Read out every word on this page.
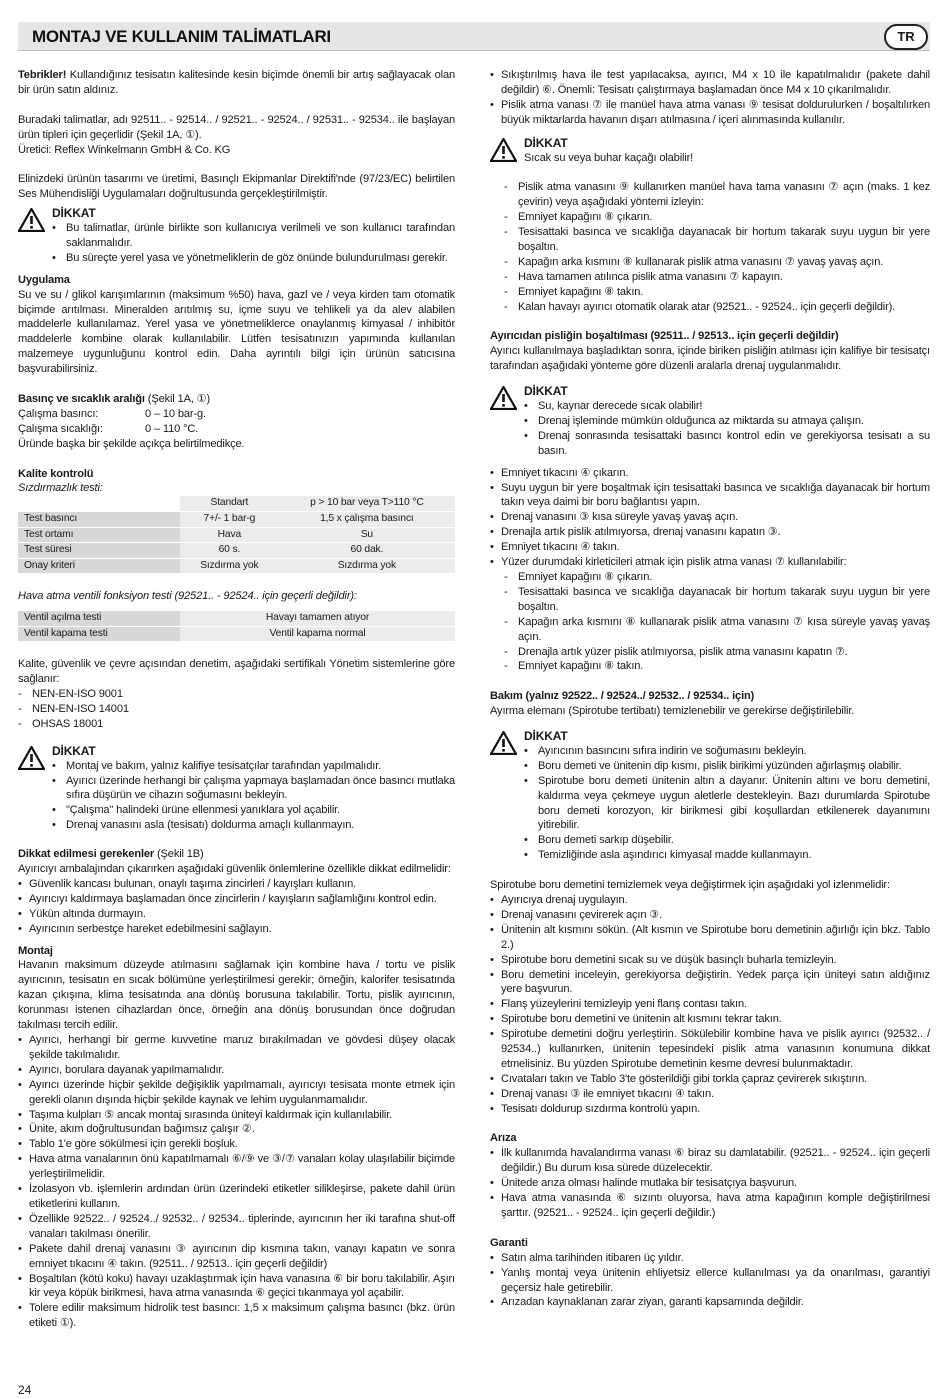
MONTAJ VE KULLANIM TALİMATLARI	TR

Tebrikler! Kullandığınız tesisatın kalitesinde kesin biçimde önemli bir artış sağlayacak olan bir ürün satın aldınız.

Buradaki talimatlar, adı 92511.. - 92514.. / 92521.. - 92524.. / 92531.. - 92534.. ile başlayan ürün tipleri için geçerlidir (Şekil 1A, ①).

Üretici: Reflex Winkelmann GmbH & Co. KG

Elinizdeki ürünün tasarımı ve üretimi, Basınçlı Ekipmanlar Direktifi'nde (97/23/EC) belirtilen Ses Mühendisliği Uygulamaları doğrultusunda gerçekleştirilmiştir.

DİKKAT
• Bu talimatlar, ürünle birlikte son kullanıcıya verilmeli ve son kullanıcı tarafından saklanmalıdır.
• Bu süreçte yerel yasa ve yönetmeliklerin de göz önünde bulundurulması gerekir.

Uygulama

Su ve su / glikol karışımlarının (maksimum %50) hava, gazl ve / veya kirden tam otomatik biçimde arıtılması. Mineralden arıtılmış su, içme suyu ve tehlikeli ya da alev alabilen maddelerle kullanılamaz. Yerel yasa ve yönetmeliklerce onaylanmış kimyasal / inhibitör maddelerle kombine olarak kullanılabilir. Lütfen tesisatınızın yapımında kullanılan malzemeye uygunluğunu kontrol edin. Daha ayrıntılı bilgi için ürünün satıcısına başvurabilirsiniz.

Basınç ve sıcaklık aralığı (Şekil 1A, ①)

Çalışma basıncı:	0 – 10 bar-g.
Çalışma sıcaklığı:	0 – 110 °C.

Üründe başka bir şekilde açıkça belirtilmedikçe.

Kalite kontrolü

Sızdırmazlık testi:

	Standart	p > 10 bar veya T>110 °C
Test basıncı	7+/- 1 bar-g	1,5 x çalışma basıncı
Test ortamı	Hava	Su
Test süresi	60 s.	60 dak.
Onay kriteri	Sızdırma yok	Sızdırma yok

Hava atma ventili fonksiyon testi (92521.. - 92524.. için geçerli değildir):

Ventil açılma testi	Havayı tamamen atıyor
Ventil kapama testi	Ventil kapama normal

Kalite, güvenlik ve çevre açısından denetim, aşağıdaki sertifikalı Yönetim sistemlerine göre sağlanır:

- NEN-EN-ISO 9001
- NEN-EN-ISO 14001
- OHSAS 18001
DİKKAT
• Montaj ve bakım, yalnız kalifiye tesisatçılar tarafından yapılmalıdır.
• Ayırıcı üzerinde herhangi bir çalışma yapmaya başlamadan önce basıncı mutlaka sıfıra düşürün ve cihazın soğumasını bekleyin.
• "Çalışma" halindeki ürüne ellenmesi yanıklara yol açabilir.
• Drenaj vanasını asla (tesisatı) doldurma amaçlı kullanmayın.

Dikkat edilmesi gerekenler (Şekil 1B)

Ayırıcıyı ambalajından çıkarırken aşağıdaki güvenlik önlemlerine özellikle dikkat edilmelidir:

• Güvenlik kancası bulunan, onaylı taşıma zincirleri / kayışları kullanın.
• Ayırıcıyı kaldırmaya başlamadan önce zincirlerin / kayışların sağlamlığını kontrol edin.
• Yükün altında durmayın.
• Ayırıcının serbestçe hareket edebilmesini sağlayın.

Montaj

Havanın maksimum düzeyde atılmasını sağlamak için kombine hava / tortu ve pislik ayırıcının, tesisatın en sıcak bölümüne yerleştirilmesi gerekir; örneğin, kalorifer tesisatında kazan çıkışına, klima tesisatında ana dönüş borusuna takılabilir. Tortu, pislik ayırıcının, korunması istenen cihazlardan önce, örneğin ana dönüş borusundan önce doğrudan takılması tercih edilir.

• Ayırıcı, herhangi bir germe kuvvetine maruz bırakılmadan ve gövdesi düşey olacak şekilde takılmalıdır.
• Ayırıcı, borulara dayanak yapılmamalıdır.
• Ayırıcı üzerinde hiçbir şekilde değişiklik yapılmamalı, ayırıcıyı tesisata monte etmek için gerekli olanın dışında hiçbir şekilde kaynak ve lehim uygulanmamalıdır.
• Taşıma kulpları ⑤ ancak montaj sırasında üniteyi kaldırmak için kullanılabilir.
• Ünite, akım doğrultusundan bağımsız çalışır ②.
• Tablo 1'e göre sökülmesi için gerekli boşluk.
• Hava atma vanalarının önü kapatılmamalı ⑥/⑨ ve ③/⑦ vanaları kolay ulaşılabilir biçimde yerleştirilmelidir.
• İzolasyon vb. işlemlerin ardından ürün üzerindeki etiketler silikleşirse, pakete dahil ürün etiketlerini kullanın.
• Özellikle 92522.. / 92524../ 92532.. / 92534.. tiplerinde, ayırıcının her iki tarafına shut-off vanaları takılması önerilir.
• Pakete dahil drenaj vanasını ③ ayırıcının dip kısmına takın, vanayı kapatın ve sonra emniyet tıkacını ④ takın. (92511.. / 92513.. için geçerli değildir)
• Boşaltılan (kötü koku) havayı uzaklaştırmak için hava vanasına ⑥ bir boru takılabilir. Aşırı kir veya köpük birikmesi, hava atma vanasında ⑥ geçici tıkanmaya yol açabilir.
• Tolere edilir maksimum hidrolik test basıncı: 1,5 x maksimum çalışma basıncı (bkz. ürün etiketi ①).
• Sıkıştırılmış hava ile test yapılacaksa, ayırıcı, M4 x 10 ile kapatılmalıdır (pakete dahil değildir) ⑥. Önemli: Tesisatı çalıştırmaya başlamadan önce M4 x 10 çıkarılmalıdır.
• Pislik atma vanası ⑦ ile manüel hava atma vanası ⑨ tesisat doldurulurken / boşaltılırken büyük miktarlarda havanın dışarı atılmasına / içeri alınmasında kullanılır.
DİKKAT

Sıcak su veya buhar kaçağı olabilir!

- Pislik atma vanasını ⑨ kullanırken manüel hava tama vanasını ⑦ açın (maks. 1 kez çevirin) veya aşağıdaki yöntemi izleyin:
- Emniyet kapağını ⑧ çıkarın.
- Tesisattaki basınca ve sıcaklığa dayanacak bir hortum takarak suyu uygun bir yere boşaltın.
- Kapağın arka kısmını ⑧ kullanarak pislik atma vanasını ⑦ yavaş yavaş açın.
- Hava tamamen atılınca pislik atma vanasını ⑦ kapayın.
- Emniyet kapağını ⑧ takın.
- Kalan havayı ayırıcı otomatik olarak atar (92521.. - 92524.. için geçerli değildir).

Ayırıcıdan pisliğin boşaltılması (92511.. / 92513.. için geçerli değildir)

Ayırıcı kullanılmaya başladıktan sonra, içinde biriken pisliğin atılması için kalifiye bir tesisatçı tarafından aşağıdaki yönteme göre düzenli aralarla drenaj uygulanmalıdır.

DİKKAT
• Su, kaynar derecede sıcak olabilir!
• Drenaj işleminde mümkün olduğunca az miktarda su atmaya çalışın.
• Drenaj sonrasında tesisattaki basıncı kontrol edin ve gerekiyorsa tesisatı a su basın.
• Emniyet tıkacını ④ çıkarın.
• Suyu uygun bir yere boşaltmak için tesisattaki basınca ve sıcaklığa dayanacak bir hortum takın veya daimi bir boru bağlantısı yapın.
• Drenaj vanasını ③ kısa süreyle yavaş yavaş açın.
• Drenajla artık pislik atılmıyorsa, drenaj vanasını kapatın ③.
• Emniyet tıkacını ④ takın.
• Yüzer durumdaki kirleticileri atmak için pislik atma vanası ⑦ kullanılabilir:
- Emniyet kapağını ⑧ çıkarın.
- Tesisattaki basınca ve sıcaklığa dayanacak bir hortum takarak suyu uygun bir yere boşaltın.
- Kapağın arka kısmını ⑧ kullanarak pislik atma vanasını ⑦ kısa süreyle yavaş yavaş açın.
- Drenajla artık yüzer pislik atılmıyorsa, pislik atma vanasını kapatın ⑦.
- Emniyet kapağını ⑧ takın.

Bakım (yalnız 92522.. / 92524../ 92532.. / 92534.. için)

Ayırma elemanı (Spirotube tertibatı) temizlenebilir ve gerekirse değiştirilebilir.

DİKKAT
• Ayırıcının basıncını sıfıra indirin ve soğumasını bekleyin.
• Boru demeti ve ünitenin dip kısmı, pislik birikimi yüzünden ağırlaşmış olabilir.
• Spirotube boru demeti ünitenin altın a dayanır. Ünitenin altını ve boru demetini, kaldırma veya çekmeye uygun aletlerle destekleyin. Bazı durumlarda Spirotube boru demeti korozyon, kir birikmesi gibi koşullardan etkilenerek dayanımını yitirebilir.
• Boru demeti sarkıp düşebilir.
• Temizliğinde asla aşındırıcı kimyasal madde kullanmayın.

Spirotube boru demetini temizlemek veya değiştirmek için aşağıdaki yol izlenmelidir:

• Ayırıcıya drenaj uygulayın.
• Drenaj vanasını çevirerek açın ③.
• Ünitenin alt kısmını sökün. (Alt kısmın ve Spirotube boru demetinin ağırlığı için bkz. Tablo 2.)
• Spirotube boru demetini sıcak su ve düşük basınçlı buharla temizleyin.
• Boru demetini inceleyin, gerekiyorsa değiştirin. Yedek parça için üniteyi satın aldığınız yere başvurun.
• Flanş yüzeylerini temizleyip yeni flanş contası takın.
• Spirotube boru demetini ve ünitenin alt kısmını tekrar takın.
• Spirotube demetini doğru yerleştirin. Sökülebilir kombine hava ve pislik ayırıcı (92532.. / 92534..) kullanırken, ünitenin tepesindeki pislik atma vanasının konumuna dikkat etmelisiniz. Bu yüzden Spirotube demetinin kesme devresi bulunmaktadır.
• Cıvataları takın ve Tablo 3'te gösterildiği gibi torkla çapraz çevirerek sıkıştırın.
• Drenaj vanası ③ ile emniyet tıkacını ④ takın.
• Tesisatı doldurup sızdırma kontrolü yapın.

Arıza

• İlk kullanımda havalandırma vanası ⑥ biraz su damlatabilir. (92521.. - 92524.. için geçerli değildir.) Bu durum kısa sürede düzelecektir.
• Ünitede arıza olması halinde mutlaka bir tesisatçıya başvurun.
• Hava atma vanasında ⑥ sızıntı oluyorsa, hava atma kapağının komple değiştirilmesi şarttır. (92521.. - 92524.. için geçerli değildir.)

Garanti

• Satın alma tarihinden itibaren üç yıldır.
• Yanlış montaj veya ünitenin ehliyetsiz ellerce kullanılması ya da onarılması, garantiyi geçersiz hale getirebilir.
• Arızadan kaynaklanan zarar ziyan, garanti kapsamında değildir.
24
